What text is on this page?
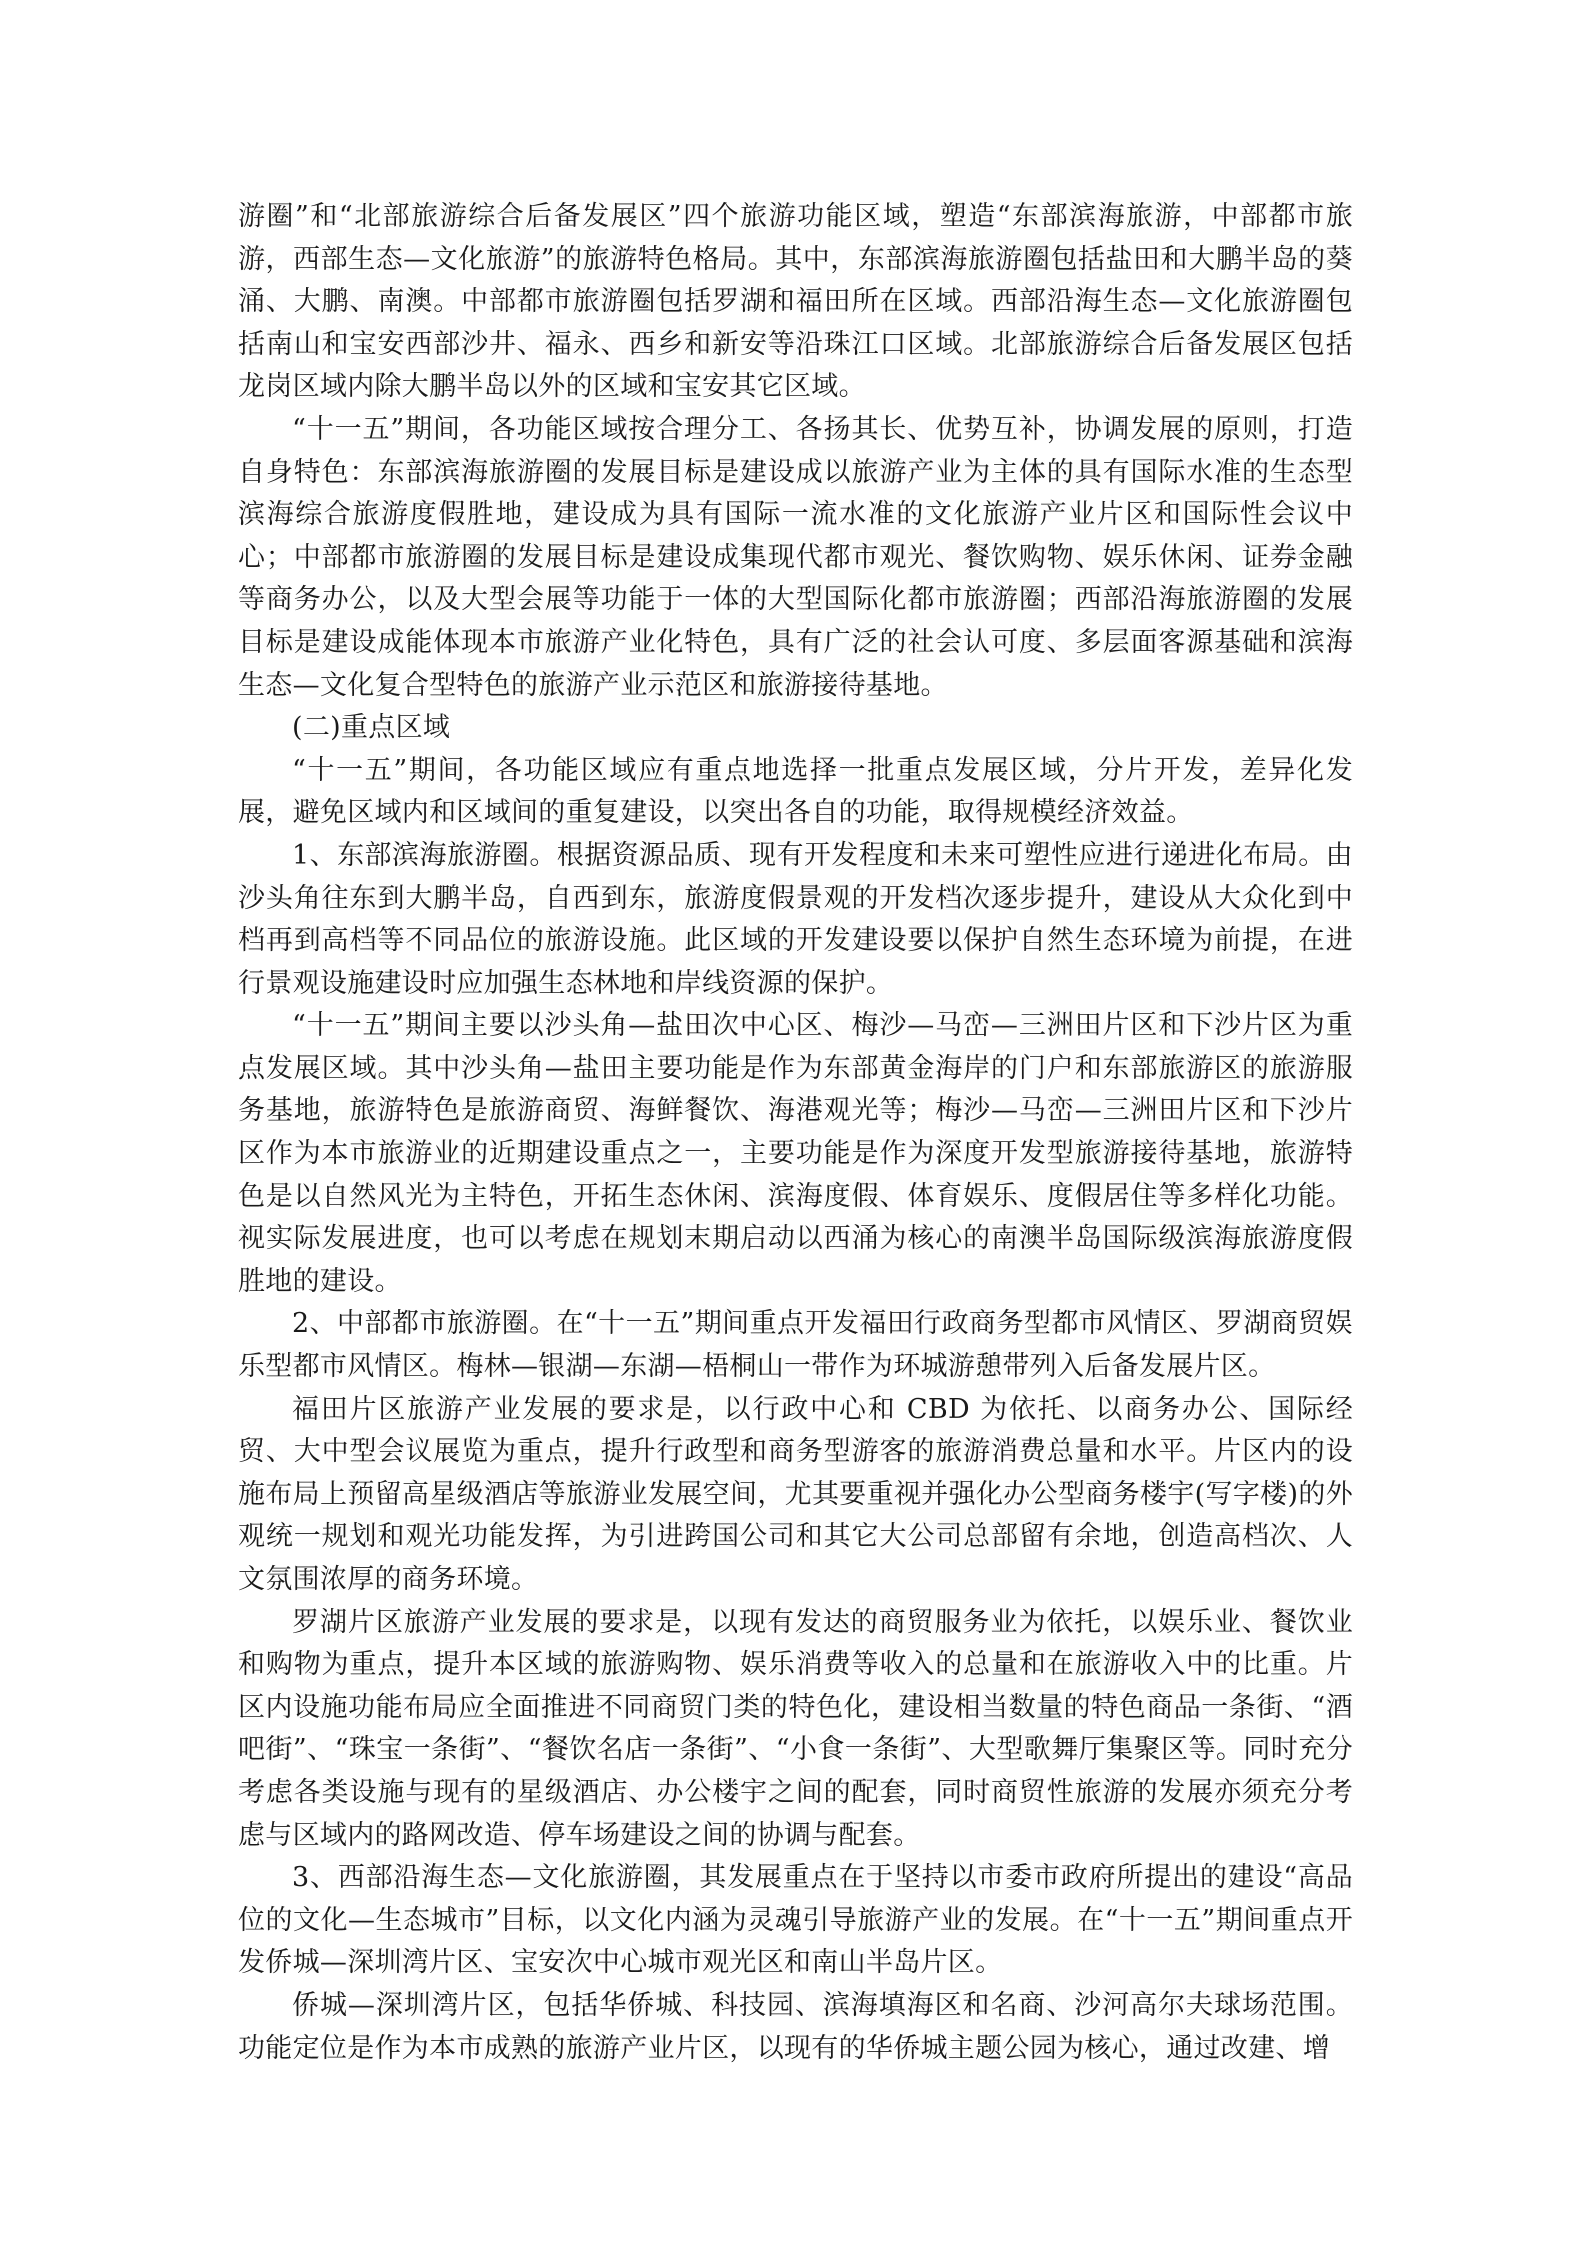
游圈”和“北部旅游综合后备发展区”四个旅游功能区域，塑造“东部滨海旅游，中部都市旅游，西部生态—文化旅游”的旅游特色格局。其中，东部滨海旅游圈包括盐田和大鹏半岛的葵涌、大鹏、南澳。中部都市旅游圈包括罗湖和福田所在区域。西部沿海生态—文化旅游圈包括南山和宝安西部沙井、福永、西乡和新安等沿珠江口区域。北部旅游综合后备发展区包括龙岗区域内除大鹏半岛以外的区域和宝安其它区域。

“十一五”期间，各功能区域按合理分工、各扬其长、优势互补，协调发展的原则，打造自身特色：东部滨海旅游圈的发展目标是建设成以旅游产业为主体的具有国际水准的生态型滨海综合旅游度假胜地，建设成为具有国际一流水准的文化旅游产业片区和国际性会议中心；中部都市旅游圈的发展目标是建设成集现代都市观光、餐饮购物、娱乐休闲、证券金融等商务办公，以及大型会展等功能于一体的大型国际化都市旅游圈；西部沿海旅游圈的发展目标是建设成能体现本市旅游产业化特色，具有广泛的社会认可度、多层面客源基础和滨海生态—文化复合型特色的旅游产业示范区和旅游接待基地。

(二)重点区域

“十一五”期间，各功能区域应有重点地选择一批重点发展区域，分片开发，差异化发展，避免区域内和区域间的重复建设，以突出各自的功能，取得规模经济效益。

1、东部滨海旅游圈。根据资源品质、现有开发程度和未来可塑性应进行递进化布局。由沙头角往东到大鹏半岛，自西到东，旅游度假景观的开发档次逐步提升，建设从大众化到中档再到高档等不同品位的旅游设施。此区域的开发建设要以保护自然生态环境为前提，在进行景观设施建设时应加强生态林地和岸线资源的保护。

“十一五”期间主要以沙头角—盐田次中心区、梅沙—马峦—三洲田片区和下沙片区为重点发展区域。其中沙头角—盐田主要功能是作为东部黄金海岸的门户和东部旅游区的旅游服务基地，旅游特色是旅游商贸、海鲜餐饮、海港观光等；梅沙—马峦—三洲田片区和下沙片区作为本市旅游业的近期建设重点之一，主要功能是作为深度开发型旅游接待基地，旅游特色是以自然风光为主特色，开拓生态休闲、滨海度假、体育娱乐、度假居住等多样化功能。视实际发展进度，也可以考虑在规划末期启动以西涌为核心的南澳半岛国际级滨海旅游度假胜地的建设。

2、中部都市旅游圈。在“十一五”期间重点开发福田行政商务型都市风情区、罗湖商贸娱乐型都市风情区。梅林—银湖—东湖—梧桐山一带作为环城游憩带列入后备发展片区。

福田片区旅游产业发展的要求是，以行政中心和 CBD 为依托、以商务办公、国际经贸、大中型会议展览为重点，提升行政型和商务型游客的旅游消费总量和水平。片区内的设施布局上预留高星级酒店等旅游业发展空间，尤其要重视并强化办公型商务楼宇(写字楼)的外观统一规划和观光功能发挥，为引进跨国公司和其它大公司总部留有余地，创造高档次、人文氛围浓厚的商务环境。

罗湖片区旅游产业发展的要求是，以现有发达的商贸服务业为依托，以娱乐业、餐饮业和购物为重点，提升本区域的旅游购物、娱乐消费等收入的总量和在旅游收入中的比重。片区内设施功能布局应全面推进不同商贸门类的特色化，建设相当数量的特色商品一条街、“酒吧街”、“珠宝一条街”、“餐饮名店一条街”、“小食一条街”、大型歌舞厅集聚区等。同时充分考虑各类设施与现有的星级酒店、办公楼宇之间的配套，同时商贸性旅游的发展亦须充分考虑与区域内的路网改造、停车场建设之间的协调与配套。

3、西部沿海生态—文化旅游圈，其发展重点在于坚持以市委市政府所提出的建设“高品位的文化—生态城市”目标，以文化内涵为灵魂引导旅游产业的发展。在“十一五”期间重点开发侨城—深圳湾片区、宝安次中心城市观光区和南山半岛片区。

侨城—深圳湾片区，包括华侨城、科技园、滨海填海区和名商、沙河高尔夫球场范围。功能定位是作为本市成熟的旅游产业片区，以现有的华侨城主题公园为核心，通过改建、增
